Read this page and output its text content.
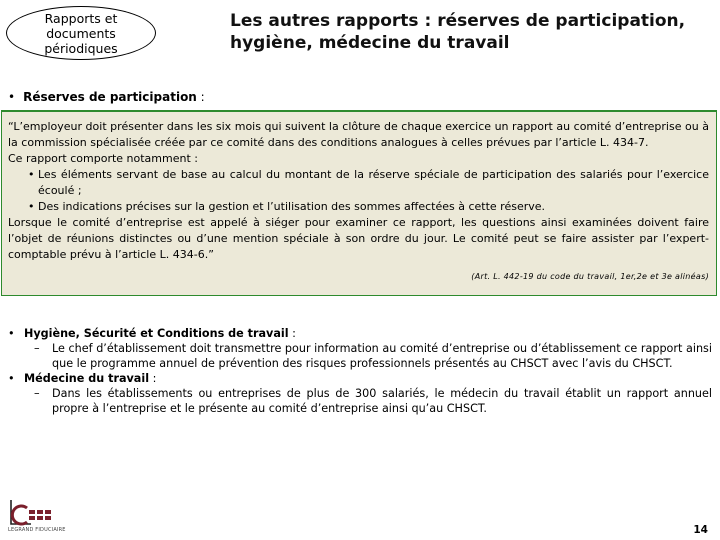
Rapports et
documents
périodiques
Les autres rapports : réserves de participation,
hygiène, médecine du travail
• Réserves de participation :

“L’employeur doit présenter dans les six mois qui suivent la clôture de chaque exercice un rapport au comité d’entreprise ou à la commission spécialisée créée par ce comité dans des conditions analogues à celles prévues par l’article L. 434-7.

Ce rapport comporte notamment :

• Les éléments servant de base au calcul du montant de la réserve spéciale de participation des salariés pour l’exercice écoulé ;
• Des indications précises sur la gestion et l’utilisation des sommes affectées à cette réserve.

Lorsque le comité d’entreprise est appelé à siéger pour examiner ce rapport, les questions ainsi examinées doivent faire l’objet de réunions distinctes ou d’une mention spéciale à son ordre du jour. Le comité peut se faire assister par l’expert-comptable prévu à l’article L. 434-6.”

(Art. L. 442-19 du code du travail, 1er,2e et 3e alinéas)
• Hygiène, Sécurité et Conditions de travail :
– Le chef d’établissement doit transmettre pour information au comité d’entreprise ou d’établissement ce rapport ainsi que le programme annuel de prévention des risques professionnels présentés au CHSCT avec l’avis du CHSCT.
• Médecine du travail :
– Dans les établissements ou entreprises de plus de 300 salariés, le médecin du travail établit un rapport annuel propre à l’entreprise et le présente au comité d’entreprise ainsi qu’au CHSCT.
LEGRAND FIDUCIAIRE	14
